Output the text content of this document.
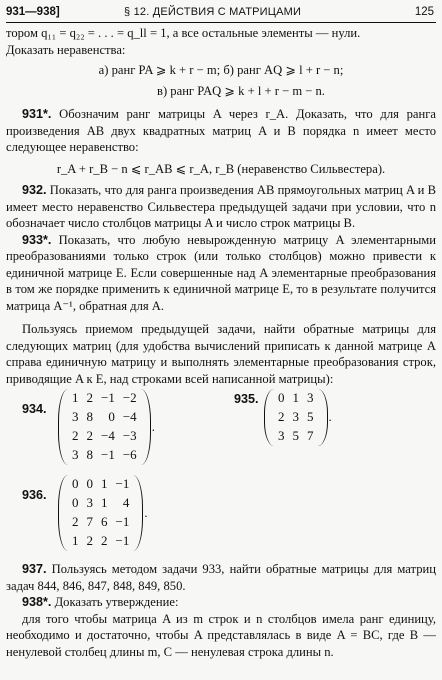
931—938]	§ 12. ДЕЙСТВИЯ С МАТРИЦАМИ	125

тором q₁₁ = q₂₂ = . . . = q_ll = 1, а все остальные элементы — нули.

Доказать неравенства:

а) ранг PA ⩾ k + r − m; б) ранг AQ ⩾ l + r − n;

в) ранг PAQ ⩾ k + l + r − m − n.

931*. Обозначим ранг матрицы A через r_A. Доказать, что для ранга произведения AB двух квадратных матриц A и B порядка n имеет место следующее неравенство:

r_A + r_B − n ⩽ r_AB ⩽ r_A, r_B (неравенство Сильвестера).

932. Показать, что для ранга произведения AB прямоугольных матриц A и B имеет место неравенство Сильвестера предыдущей задачи при условии, что n обозначает число столбцов матрицы A и число строк матрицы B.

933*. Показать, что любую невырожденную матрицу A элементарными преобразованиями только строк (или только столбцов) можно привести к единичной матрице E. Если совершенные над A элементарные преобразования в том же порядке применить к единичной матрице E, то в результате получится матрица A⁻¹, обратная для A.

Пользуясь приемом предыдущей задачи, найти обратные матрицы для следующих матриц (для удобства вычислений приписать к данной матрице A справа единичную матрицу и выполнять элементарные преобразования строк, приводящие A к E, над строками всей написанной матрицы):

934.
1	2	−1	−2
3	8	0	−4
2	2	−4	−3
3	8	−1	−6
.
935. 0	1	3
2	3	5
3	5	7
.
936.
0	0	1	−1
0	3	1	4
2	7	6	−1
1	2	2	−1
.

937. Пользуясь методом задачи 933, найти обратные матрицы для матриц задач 844, 846, 847, 848, 849, 850.

938*. Доказать утверждение:

для того чтобы матрица A из m строк и n столбцов имела ранг единицу, необходимо и достаточно, чтобы A представлялась в виде A = BC, где B — ненулевой столбец длины m, C — ненулевая строка длины n.
